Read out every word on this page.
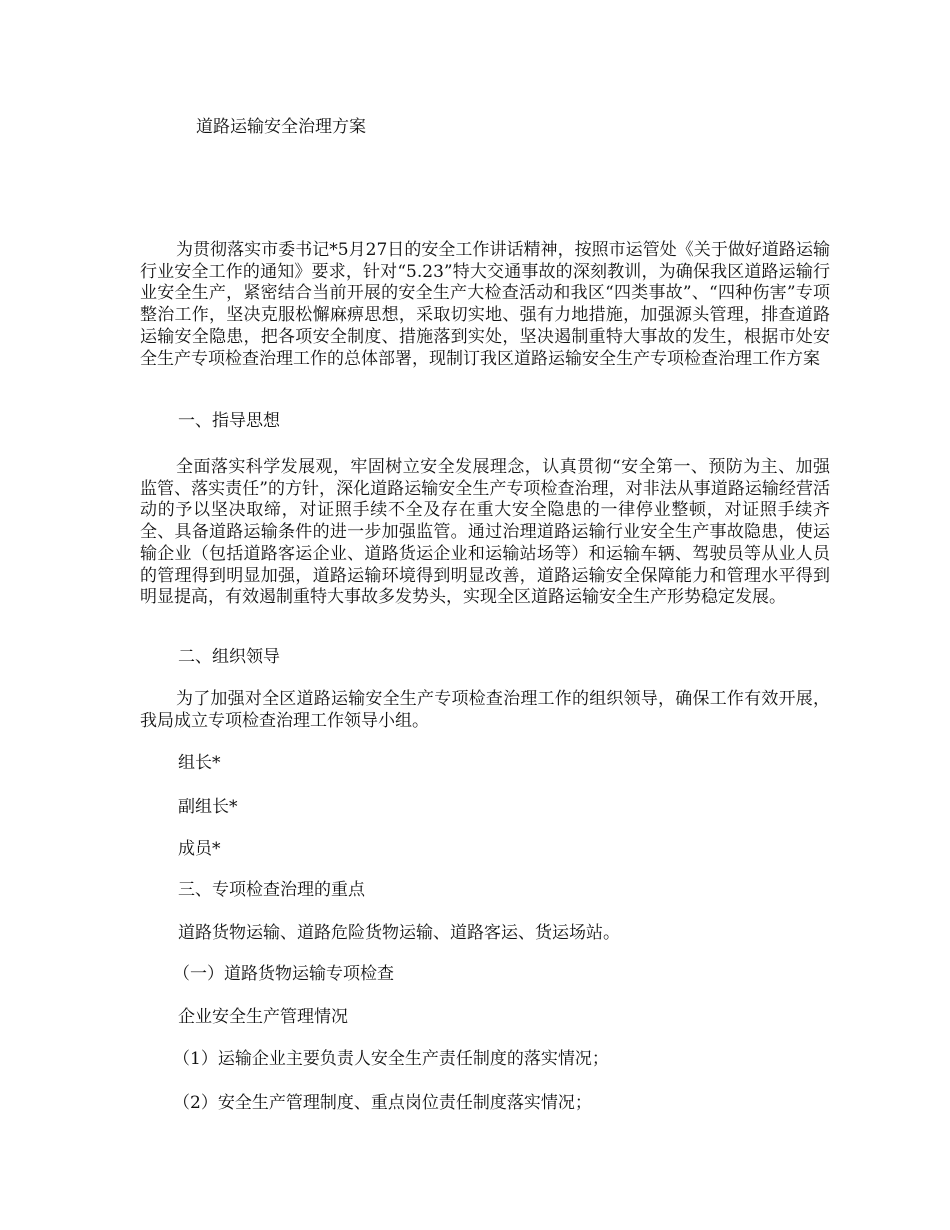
道路运输安全治理方案

为贯彻落实市委书记*5月27日的安全工作讲话精神，按照市运管处《关于做好道路运输行业安全工作的通知》要求，针对“5.23”特大交通事故的深刻教训，为确保我区道路运输行业安全生产，紧密结合当前开展的安全生产大检查活动和我区“四类事故”、“四种伤害”专项整治工作，坚决克服松懈麻痹思想，采取切实地、强有力地措施，加强源头管理，排查道路运输安全隐患，把各项安全制度、措施落到实处，坚决遏制重特大事故的发生，根据市处安全生产专项检查治理工作的总体部署，现制订我区道路运输安全生产专项检查治理工作方案

一、指导思想

全面落实科学发展观，牢固树立安全发展理念，认真贯彻“安全第一、预防为主、加强监管、落实责任”的方针，深化道路运输安全生产专项检查治理，对非法从事道路运输经营活动的予以坚决取缔，对证照手续不全及存在重大安全隐患的一律停业整顿，对证照手续齐全、具备道路运输条件的进一步加强监管。通过治理道路运输行业安全生产事故隐患，使运输企业（包括道路客运企业、道路货运企业和运输站场等）和运输车辆、驾驶员等从业人员的管理得到明显加强，道路运输环境得到明显改善，道路运输安全保障能力和管理水平得到明显提高，有效遏制重特大事故多发势头，实现全区道路运输安全生产形势稳定发展。

二、组织领导

为了加强对全区道路运输安全生产专项检查治理工作的组织领导，确保工作有效开展，我局成立专项检查治理工作领导小组。

组长*

副组长*

成员*

三、专项检查治理的重点

道路货物运输、道路危险货物运输、道路客运、货运场站。

（一）道路货物运输专项检查

企业安全生产管理情况

（1）运输企业主要负责人安全生产责任制度的落实情况；

（2）安全生产管理制度、重点岗位责任制度落实情况；
